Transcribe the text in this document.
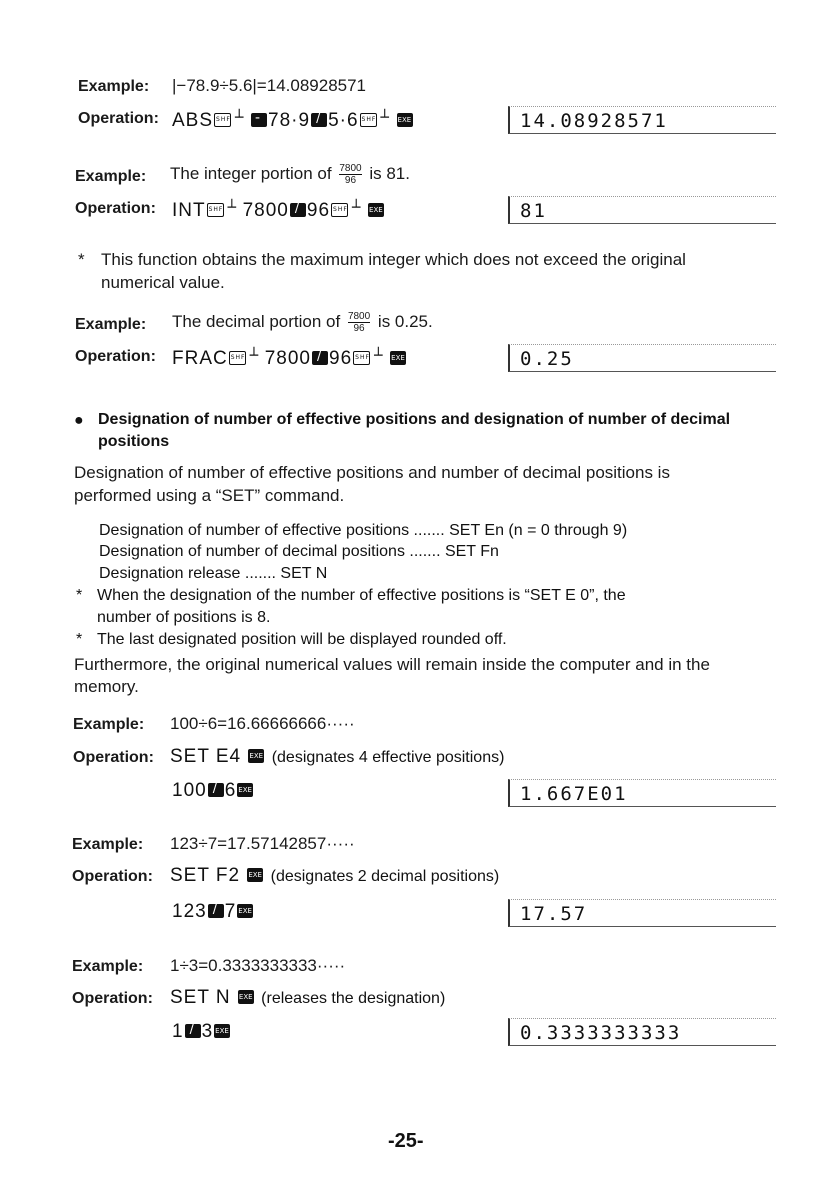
Example: |−78.9÷5.6|=14.08928571
Operation: ABS SHF ┴ -	78·9 / 5·6 SHF ┴ EXE	14.08928571
Example: The integer portion of $\frac{7800}{96}$ is 81.
Operation: INT SHF ┴ 7800 / 96 SHF ┴ EXE	81
* This function obtains the maximum integer which does not exceed the original
numerical value.
Example: The decimal portion of $\frac{7800}{96}$ is 0.25.
Operation: FRAC SHF ┴ 7800 / 96 SHF ┴ EXE	0.25
● Designation of number of effective positions and designation of number of decimal
positions
Designation of number of effective positions and number of decimal positions is
performed using a “SET” command.
Designation of number of effective positions ....... SET En (n = 0 through 9)
Designation of number of decimal positions ....... SET Fn
Designation release ....... SET N
* When the designation of the number of effective positions is “SET E 0”, the
number of positions is 8.
* The last designated position will be displayed rounded off.
Furthermore, the original numerical values will remain inside the computer and in the
memory.
Example: 100÷6=16.66666666·····
Operation: SET E4 EXE (designates 4 effective positions)
100 / 6 EXE	1.667E01
Example: 123÷7=17.57142857·····
Operation: SET F2 EXE (designates 2 decimal positions)
123 / 7 EXE	17.57
Example: 1÷3=0.3333333333·····
Operation: SET N EXE (releases the designation)
1 / 3 EXE	0.3333333333
-25-
